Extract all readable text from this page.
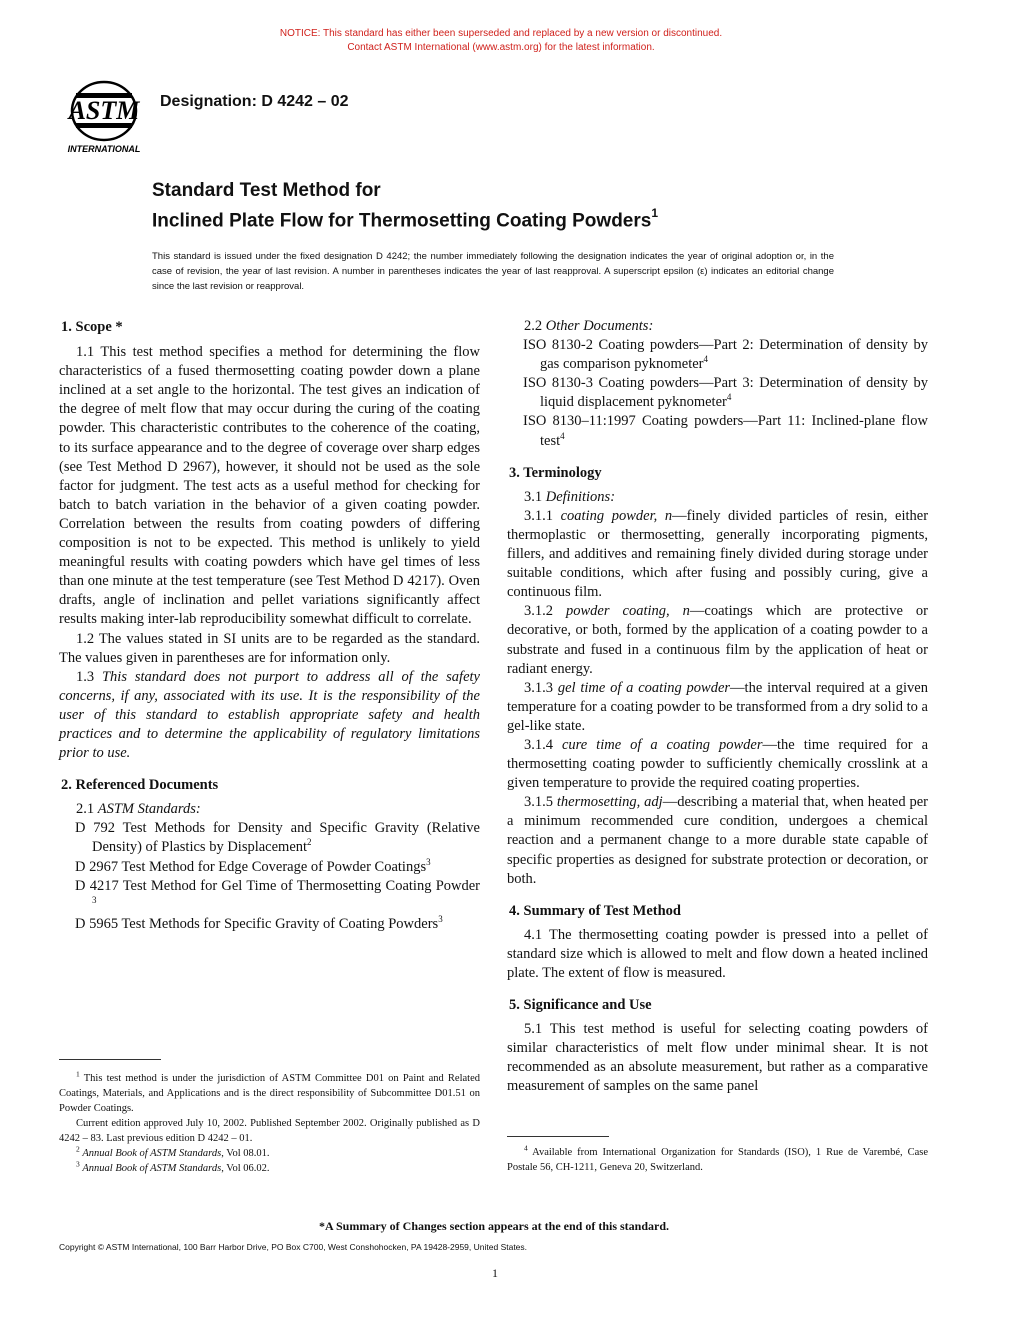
NOTICE: This standard has either been superseded and replaced by a new version or discontinued.
Contact ASTM International (www.astm.org) for the latest information.
ASTM
INTERNATIONAL
Designation: D 4242 – 02
Standard Test Method for
Inclined Plate Flow for Thermosetting Coating Powders$^1$
This standard is issued under the fixed designation D 4242; the number immediately following the designation indicates the year of original adoption or, in the case of revision, the year of last revision. A number in parentheses indicates the year of last reapproval. A superscript epsilon (ε) indicates an editorial change since the last revision or reapproval.
1. Scope *

1.1 This test method specifies a method for determining the flow characteristics of a fused thermosetting coating powder down a plane inclined at a set angle to the horizontal. The test gives an indication of the degree of melt flow that may occur during the curing of the coating powder. This characteristic contributes to the coherence of the coating, to its surface appearance and to the degree of coverage over sharp edges (see Test Method D 2967), however, it should not be used as the sole factor for judgment. The test acts as a useful method for checking for batch to batch variation in the behavior of a given coating powder. Correlation between the results from coating powders of differing composition is not to be expected. This method is unlikely to yield meaningful results with coating powders which have gel times of less than one minute at the test temperature (see Test Method D 4217). Oven drafts, angle of inclination and pellet variations significantly affect results making inter-lab reproducibility somewhat difficult to correlate.

1.2 The values stated in SI units are to be regarded as the standard. The values given in parentheses are for information only.

1.3 This standard does not purport to address all of the safety concerns, if any, associated with its use. It is the responsibility of the user of this standard to establish appropriate safety and health practices and to determine the applicability of regulatory limitations prior to use.

2. Referenced Documents

2.1 ASTM Standards:

D 792 Test Methods for Density and Specific Gravity (Relative Density) of Plastics by Displacement$^2$

D 2967 Test Method for Edge Coverage of Powder Coatings$^3$

D 4217 Test Method for Gel Time of Thermosetting Coating Powder $^3$

D 5965 Test Methods for Specific Gravity of Coating Powders$^3$

$^1$ This test method is under the jurisdiction of ASTM Committee D01 on Paint and Related Coatings, Materials, and Applications and is the direct responsibility of Subcommittee D01.51 on Powder Coatings.

Current edition approved July 10, 2002. Published September 2002. Originally published as D 4242 – 83. Last previous edition D 4242 – 01.

$^2$ Annual Book of ASTM Standards, Vol 08.01.

$^3$ Annual Book of ASTM Standards, Vol 06.02.

2.2 Other Documents:

ISO 8130-2 Coating powders—Part 2: Determination of density by gas comparison pyknometer$^4$

ISO 8130-3 Coating powders—Part 3: Determination of density by liquid displacement pyknometer$^4$

ISO 8130–11:1997 Coating powders—Part 11: Inclined-plane flow test$^4$

3. Terminology

3.1 Definitions:

3.1.1 coating powder, n—finely divided particles of resin, either thermoplastic or thermosetting, generally incorporating pigments, fillers, and additives and remaining finely divided during storage under suitable conditions, which after fusing and possibly curing, give a continuous film.

3.1.2 powder coating, n—coatings which are protective or decorative, or both, formed by the application of a coating powder to a substrate and fused in a continuous film by the application of heat or radiant energy.

3.1.3 gel time of a coating powder—the interval required at a given temperature for a coating powder to be transformed from a dry solid to a gel-like state.

3.1.4 cure time of a coating powder—the time required for a thermosetting coating powder to sufficiently chemically crosslink at a given temperature to provide the required coating properties.

3.1.5 thermosetting, adj—describing a material that, when heated per a minimum recommended cure condition, undergoes a chemical reaction and a permanent change to a more durable state capable of specific properties as designed for substrate protection or decoration, or both.

4. Summary of Test Method

4.1 The thermosetting coating powder is pressed into a pellet of standard size which is allowed to melt and flow down a heated inclined plate. The extent of flow is measured.

5. Significance and Use

5.1 This test method is useful for selecting coating powders of similar characteristics of melt flow under minimal shear. It is not recommended as an absolute measurement, but rather as a comparative measurement of samples on the same panel

$^4$ Available from International Organization for Standards (ISO), 1 Rue de Varembé, Case Postale 56, CH-1211, Geneva 20, Switzerland.

*A Summary of Changes section appears at the end of this standard.
Copyright © ASTM International, 100 Barr Harbor Drive, PO Box C700, West Conshohocken, PA 19428-2959, United States.
1
